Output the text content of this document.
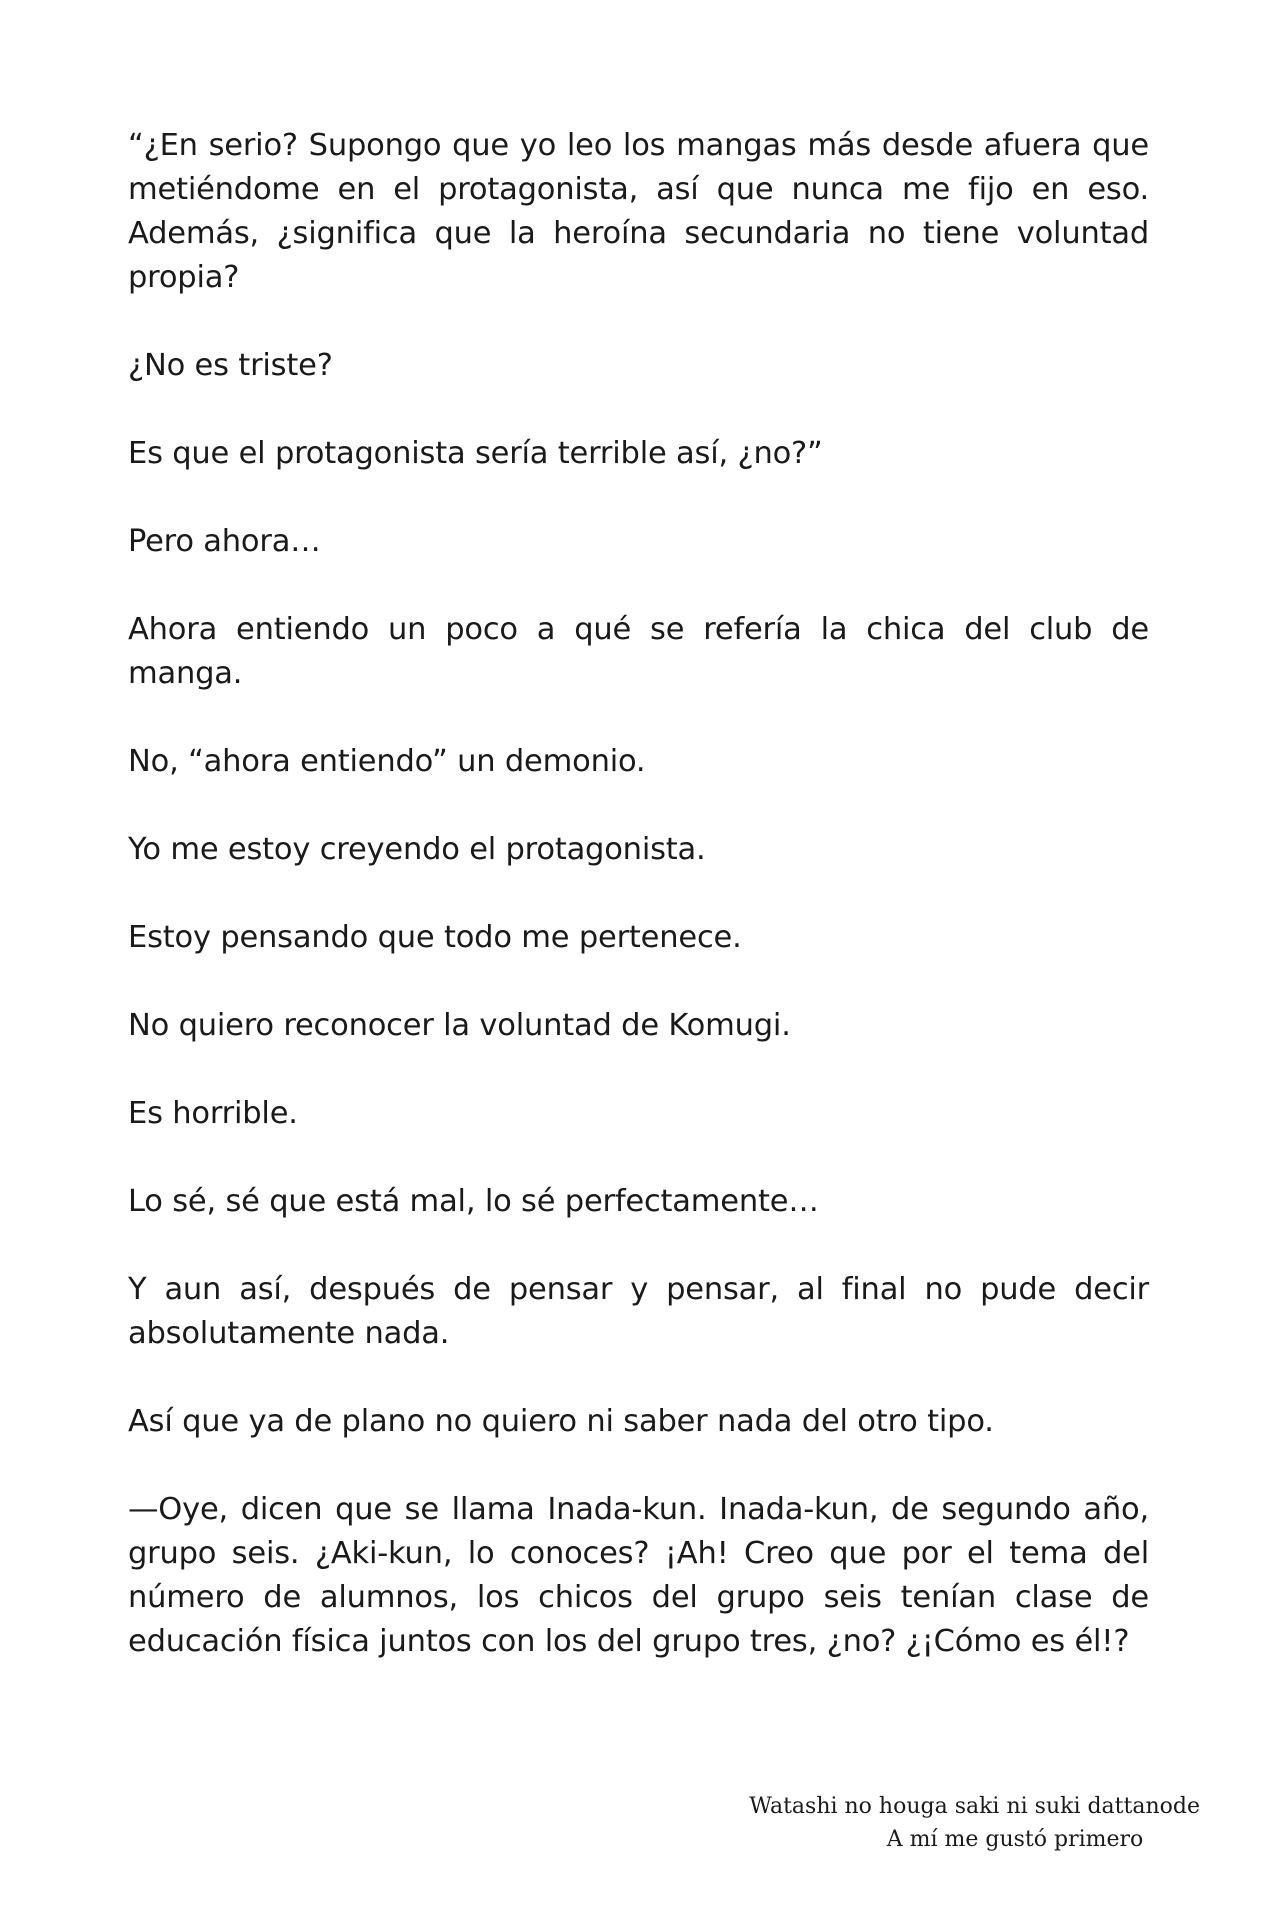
“¿En serio? Supongo que yo leo los mangas más desde afuera que metiéndome en el protagonista, así que nunca me fijo en eso. Además, ¿significa que la heroína secundaria no tiene voluntad propia?

¿No es triste?

Es que el protagonista sería terrible así, ¿no?”

Pero ahora…

Ahora entiendo un poco a qué se refería la chica del club de manga.

No, “ahora entiendo” un demonio.

Yo me estoy creyendo el protagonista.

Estoy pensando que todo me pertenece.

No quiero reconocer la voluntad de Komugi.

Es horrible.

Lo sé, sé que está mal, lo sé perfectamente…

Y aun así, después de pensar y pensar, al final no pude decir absolutamente nada.

Así que ya de plano no quiero ni saber nada del otro tipo.

—Oye, dicen que se llama Inada-kun. Inada-kun, de segundo año, grupo seis. ¿Aki-kun, lo conoces? ¡Ah! Creo que por el tema del número de alumnos, los chicos del grupo seis tenían clase de educación física juntos con los del grupo tres, ¿no? ¿¡Cómo es él!?

Watashi no houga saki ni suki dattanode
A mí me gustó primero
